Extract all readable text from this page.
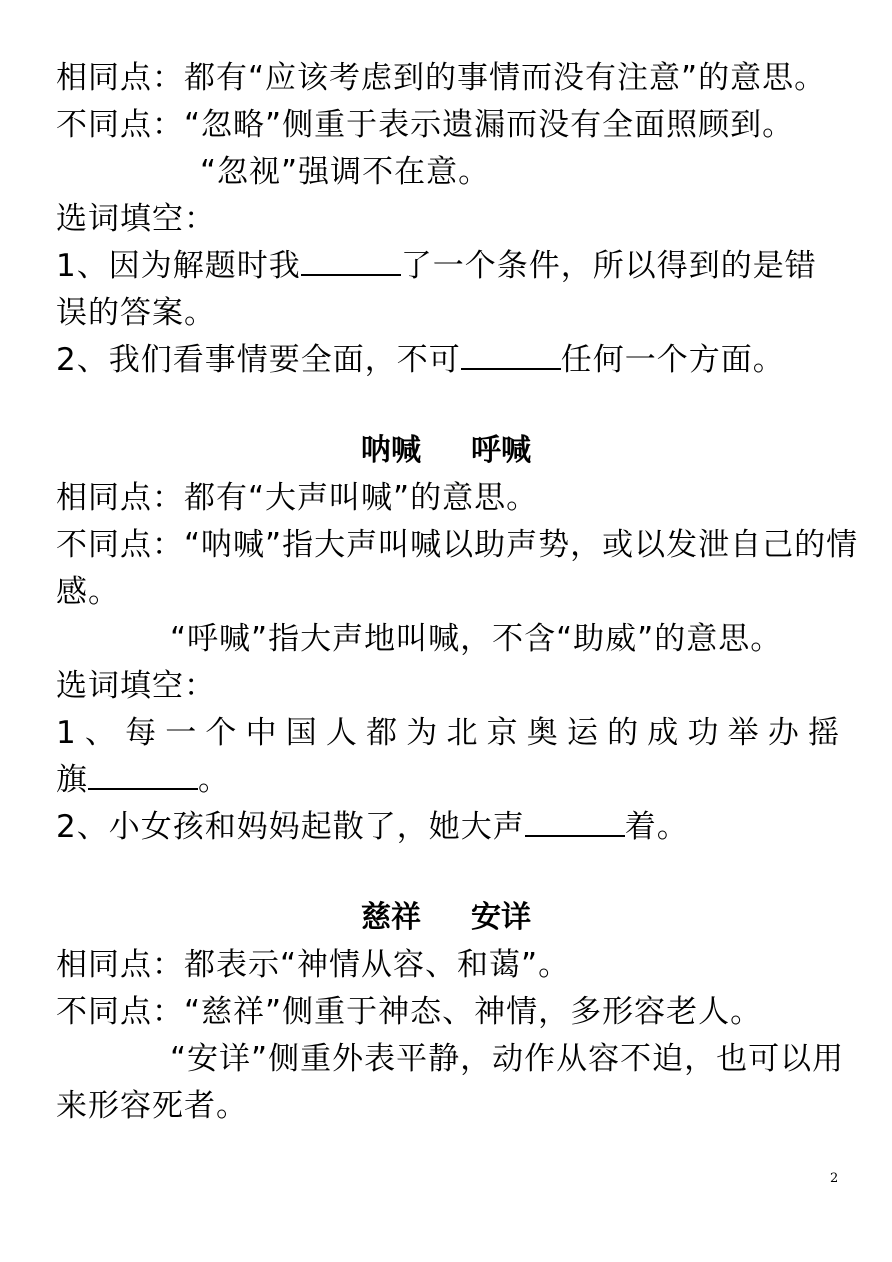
相同点：都有“应该考虑到的事情而没有注意”的意思。
不同点：“忽略”侧重于表示遗漏而没有全面照顾到。
“忽视”强调不在意。
选词填空：
1、因为解题时我	了一个条件，所以得到的是错
误的答案。
2、我们看事情要全面，不可	任何一个方面。
呐喊 呼喊
相同点：都有“大声叫喊”的意思。
不同点：“呐喊”指大声叫喊以助声势，或以发泄自己的情
感。
“呼喊”指大声地叫喊，不含“助威”的意思。
选词填空：
1、每一个中国人都为北京奥运的成功举办摇
旗	。
2、小女孩和妈妈起散了，她大声	着。
慈祥 安详
相同点：都表示“神情从容、和蔼”。
不同点：“慈祥”侧重于神态、神情，多形容老人。
“安详”侧重外表平静，动作从容不迫，也可以用
来形容死者。
2
